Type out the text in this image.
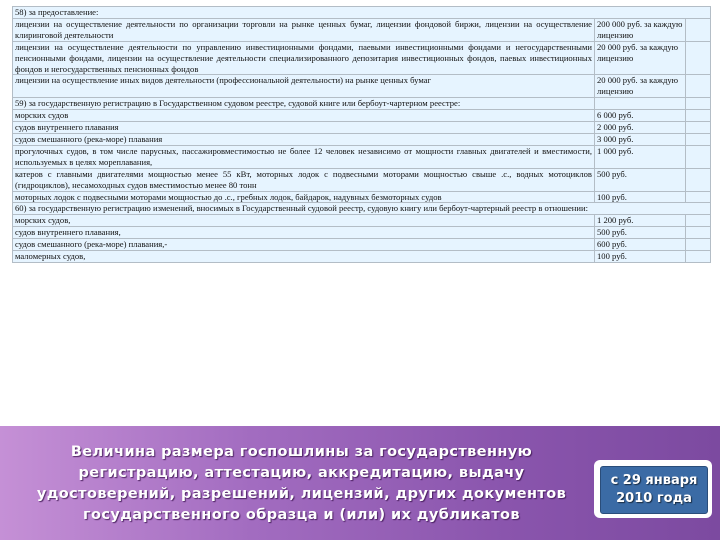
58) за предоставление:		
лицензии на осуществление деятельности по организации торговли на рынке ценных бумаг, лицензии фондовой биржи, лицензии на осуществление клиринговой деятельности	200 000 руб. за каждую лицензию	
лицензии на осуществление деятельности по управлению инвестиционными фондами, паевыми инвестиционными фондами и негосударственными пенсионными фондами, лицензии на осуществление деятельности специализированного депозитария инвестиционных фондов, паевых инвестиционных фондов и негосударственных пенсионных фондов	20 000 руб. за каждую лицензию	
лицензии на осуществление иных видов деятельности (профессиональной деятельности) на рынке ценных бумаг	20 000 руб. за каждую лицензию	
59) за государственную регистрацию в Государственном судовом реестре, судовой книге или бербоут-чартерном реестре:		
морских судов	6 000 руб.	
судов внутреннего плавания	2 000 руб.	
судов смешанного (река-море) плавания	3 000 руб.	
прогулочных судов, в том числе парусных, пассажировместимостью не более 12 человек независимо от мощности главных двигателей и вместимости, используемых в целях мореплавания,	1 000 руб.	
катеров с главными двигателями мощностью менее 55 кВт, моторных лодок с подвесными моторами мощностью свыше .с., водных мотоциклов (гидроциклов), несамоходных судов вместимостью менее 80 тонн	500 руб.	
моторных лодок с подвесными моторами мощностью до .с., гребных лодок, байдарок, надувных безмоторных судов	100 руб.	
60) за государственную регистрацию изменений, вносимых в Государственный судовой реестр, судовую книгу или бербоут-чартерный реестр в отношении:		
морских судов,	1 200 руб.	
судов внутреннего плавания,	500 руб.	
судов смешанного (река-море) плавания,-	600 руб.	
маломерных судов,	100 руб.	
Величина размера госпошлины за государственную
регистрацию, аттестацию, аккредитацию, выдачу
удостоверений, разрешений, лицензий, других документов
государственного образца и (или) их дубликатов
с 29 января
2010 года
